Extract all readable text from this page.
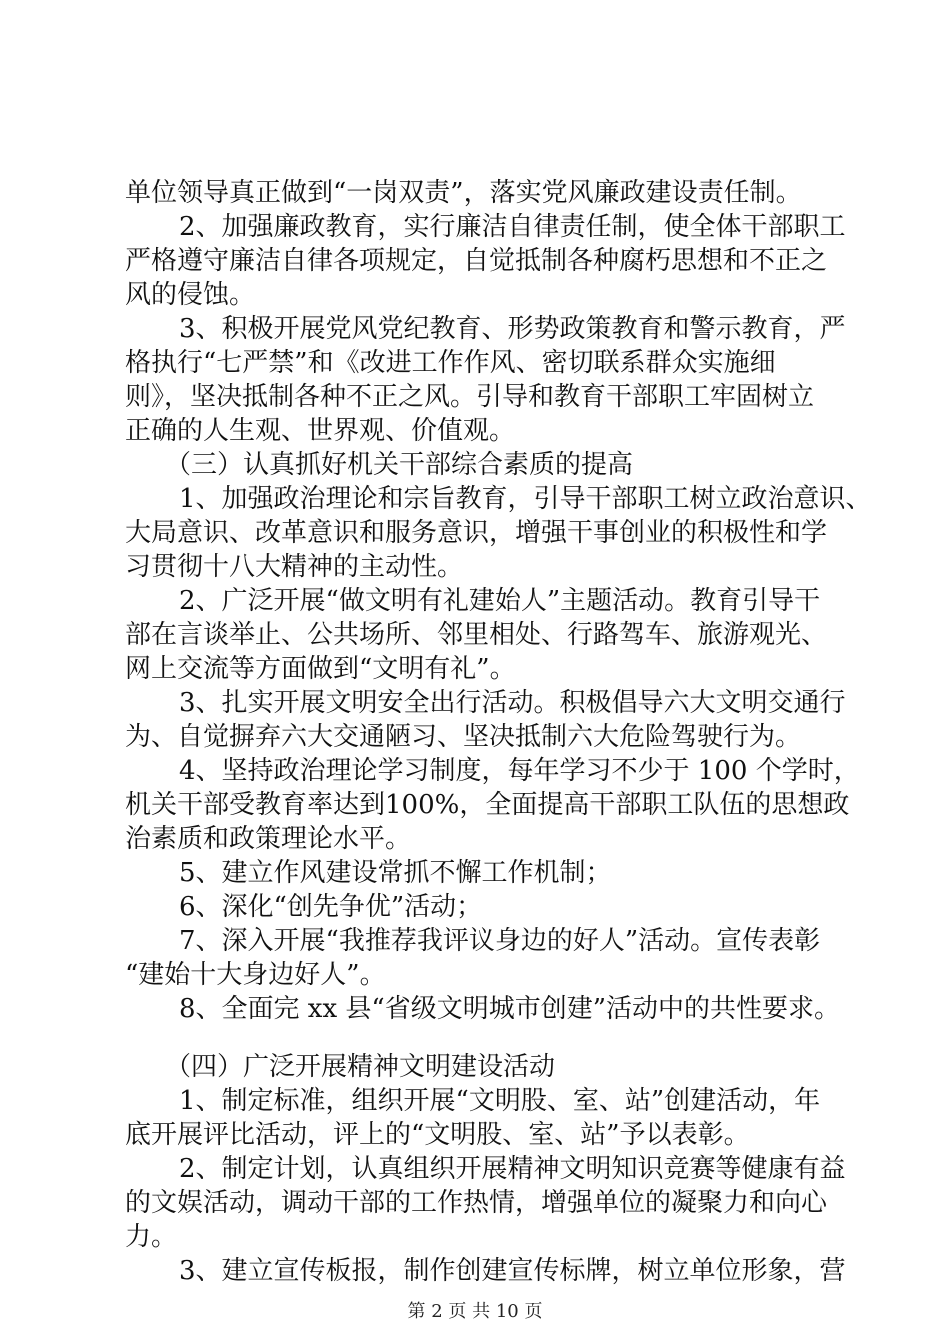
单位领导真正做到“一岗双责”，落实党风廉政建设责任制。
2、加强廉政教育，实行廉洁自律责任制，使全体干部职工
严格遵守廉洁自律各项规定，自觉抵制各种腐朽思想和不正之
风的侵蚀。
3、积极开展党风党纪教育、形势政策教育和警示教育，严
格执行“七严禁”和《改进工作作风、密切联系群众实施细
则》，坚决抵制各种不正之风。引导和教育干部职工牢固树立
正确的人生观、世界观、价值观。
（三）认真抓好机关干部综合素质的提高
1、加强政治理论和宗旨教育，引导干部职工树立政治意识、
大局意识、改革意识和服务意识，增强干事创业的积极性和学
习贯彻十八大精神的主动性。
2、广泛开展“做文明有礼建始人”主题活动。教育引导干
部在言谈举止、公共场所、邻里相处、行路驾车、旅游观光、
网上交流等方面做到“文明有礼”。
3、扎实开展文明安全出行活动。积极倡导六大文明交通行
为、自觉摒弃六大交通陋习、坚决抵制六大危险驾驶行为。
4、坚持政治理论学习制度，每年学习不少于 100 个学时，
机关干部受教育率达到100%，全面提高干部职工队伍的思想政
治素质和政策理论水平。
5、建立作风建设常抓不懈工作机制；
6、深化“创先争优”活动；
7、深入开展“我推荐我评议身边的好人”活动。宣传表彰
“建始十大身边好人”。
8、全面完 xx 县“省级文明城市创建”活动中的共性要求。
（四）广泛开展精神文明建设活动
1、制定标准，组织开展“文明股、室、站”创建活动，年
底开展评比活动，评上的“文明股、室、站”予以表彰。
2、制定计划，认真组织开展精神文明知识竞赛等健康有益
的文娱活动，调动干部的工作热情，增强单位的凝聚力和向心
力。
3、建立宣传板报，制作创建宣传标牌，树立单位形象，营
第 2 页 共 10 页
